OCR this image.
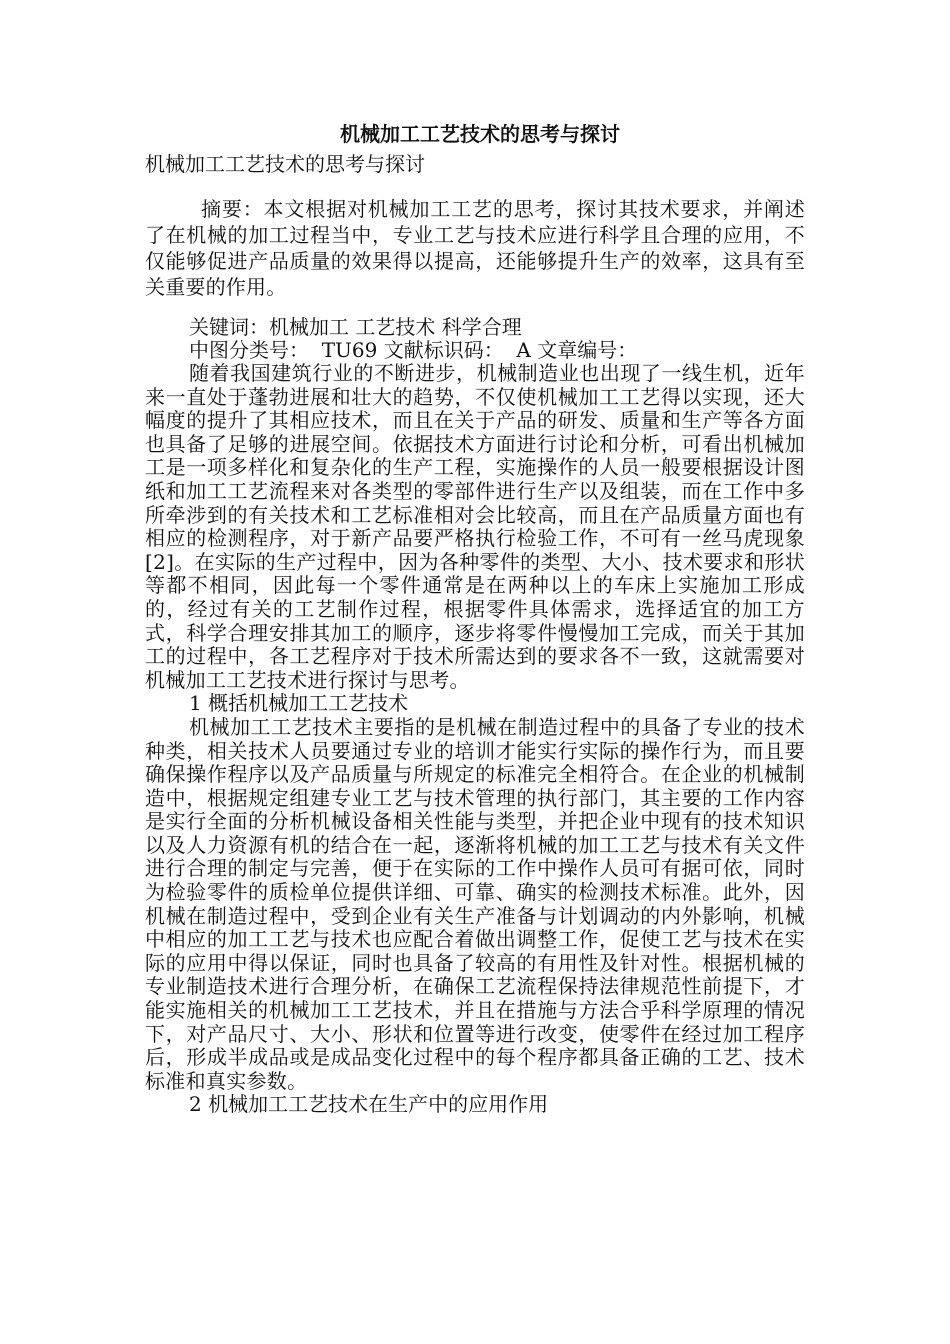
机械加工工艺技术的思考与探讨

机械加工工艺技术的思考与探讨

摘要：本文根据对机械加工工艺的思考，探讨其技术要求，并阐述了在机械的加工过程当中，专业工艺与技术应进行科学且合理的应用，不仅能够促进产品质量的效果得以提高，还能够提升生产的效率，这具有至关重要的作用。

关键词：机械加工 工艺技术 科学合理

中图分类号：  TU69 文献标识码：  A 文章编号：

随着我国建筑行业的不断进步，机械制造业也出现了一线生机，近年来一直处于蓬勃进展和壮大的趋势，不仅使机械加工工艺得以实现，还大幅度的提升了其相应技术，而且在关于产品的研发、质量和生产等各方面也具备了足够的进展空间。依据技术方面进行讨论和分析，可看出机械加工是一项多样化和复杂化的生产工程，实施操作的人员一般要根据设计图纸和加工工艺流程来对各类型的零部件进行生产以及组装，而在工作中多所牵涉到的有关技术和工艺标准相对会比较高，而且在产品质量方面也有相应的检测程序，对于新产品要严格执行检验工作，不可有一丝马虎现象[2]。在实际的生产过程中，因为各种零件的类型、大小、技术要求和形状等都不相同，因此每一个零件通常是在两种以上的车床上实施加工形成的，经过有关的工艺制作过程，根据零件具体需求，选择适宜的加工方式，科学合理安排其加工的顺序，逐步将零件慢慢加工完成，而关于其加工的过程中，各工艺程序对于技术所需达到的要求各不一致，这就需要对机械加工工艺技术进行探讨与思考。

1 概括机械加工工艺技术

机械加工工艺技术主要指的是机械在制造过程中的具备了专业的技术种类，相关技术人员要通过专业的培训才能实行实际的操作行为，而且要确保操作程序以及产品质量与所规定的标准完全相符合。在企业的机械制造中，根据规定组建专业工艺与技术管理的执行部门，其主要的工作内容是实行全面的分析机械设备相关性能与类型，并把企业中现有的技术知识以及人力资源有机的结合在一起，逐渐将机械的加工工艺与技术有关文件进行合理的制定与完善，便于在实际的工作中操作人员可有据可依，同时为检验零件的质检单位提供详细、可靠、确实的检测技术标准。此外，因机械在制造过程中，受到企业有关生产准备与计划调动的内外影响，机械中相应的加工工艺与技术也应配合着做出调整工作，促使工艺与技术在实际的应用中得以保证，同时也具备了较高的有用性及针对性。根据机械的专业制造技术进行合理分析，在确保工艺流程保持法律规范性前提下，才能实施相关的机械加工工艺技术，并且在措施与方法合乎科学原理的情况下，对产品尺寸、大小、形状和位置等进行改变，使零件在经过加工程序后，形成半成品或是成品变化过程中的每个程序都具备正确的工艺、技术标准和真实参数。

2 机械加工工艺技术在生产中的应用作用
